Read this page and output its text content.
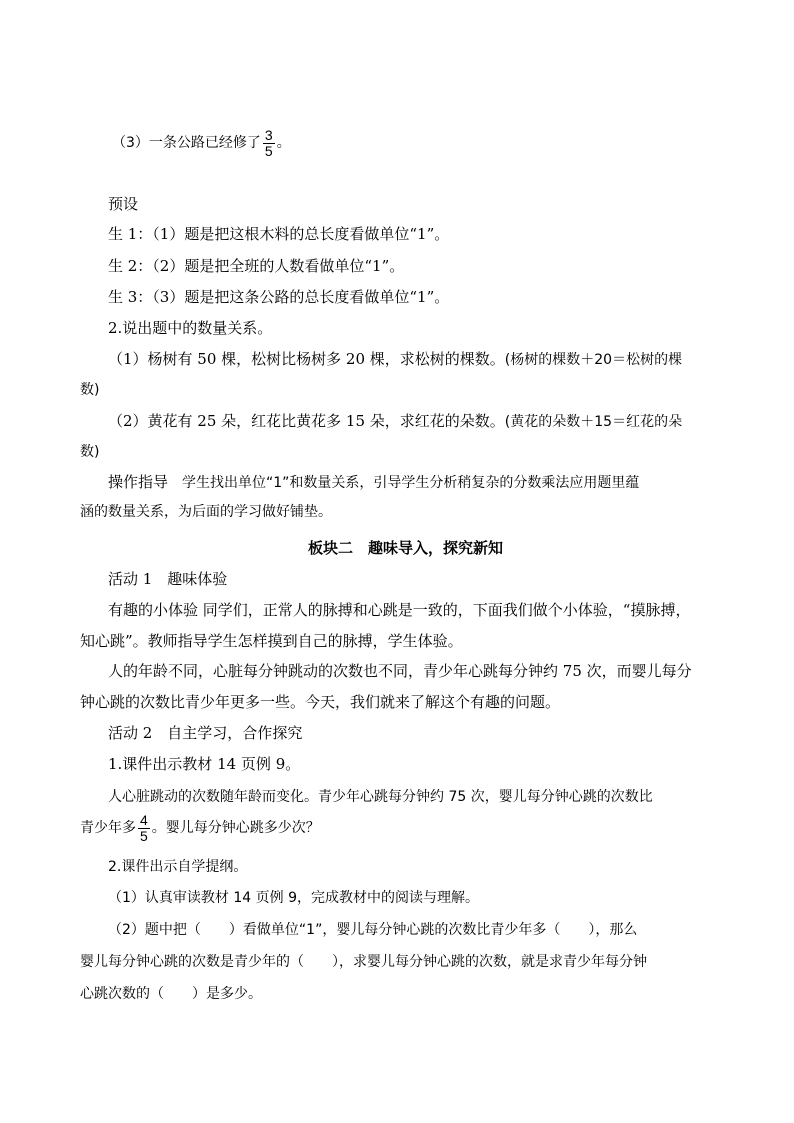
（3）一条公路已经修了 $\frac{3}{5}$ 。
预设
生 1：（1）题是把这根木料的总长度看做单位“1”。
生 2：（2）题是把全班的人数看做单位“1”。
生 3：（3）题是把这条公路的总长度看做单位“1”。
2.说出题中的数量关系。
（1）杨树有 50 棵，松树比杨树多 20 棵，求松树的棵数。(杨树的棵数＋20＝松树的棵
数)
（2）黄花有 25 朵，红花比黄花多 15 朵，求红花的朵数。(黄花的朵数＋15＝红花的朵
数)
操作指导 学生找出单位“1”和数量关系，引导学生分析稍复杂的分数乘法应用题里蕴
涵的数量关系，为后面的学习做好铺垫。
板块二　趣味导入，探究新知
活动 1　趣味体验
有趣的小体验 同学们，正常人的脉搏和心跳是一致的，下面我们做个小体验，“摸脉搏，
知心跳”。教师指导学生怎样摸到自己的脉搏，学生体验。
人的年龄不同，心脏每分钟跳动的次数也不同，青少年心跳每分钟约 75 次，而婴儿每分
钟心跳的次数比青少年更多一些。今天，我们就来了解这个有趣的问题。
活动 2　自主学习，合作探究
1.课件出示教材 14 页例 9。
人心脏跳动的次数随年龄而变化。青少年心跳每分钟约 75 次，婴儿每分钟心跳的次数比
青少年多 $\frac{4}{5}$ 。婴儿每分钟心跳多少次？
2.课件出示自学提纲。
（1）认真审读教材 14 页例 9，完成教材中的阅读与理解。
（2）题中把（　　）看做单位“1”，婴儿每分钟心跳的次数比青少年多（　　），那么
婴儿每分钟心跳的次数是青少年的（　　），求婴儿每分钟心跳的次数，就是求青少年每分钟
心跳次数的（　　）是多少。
